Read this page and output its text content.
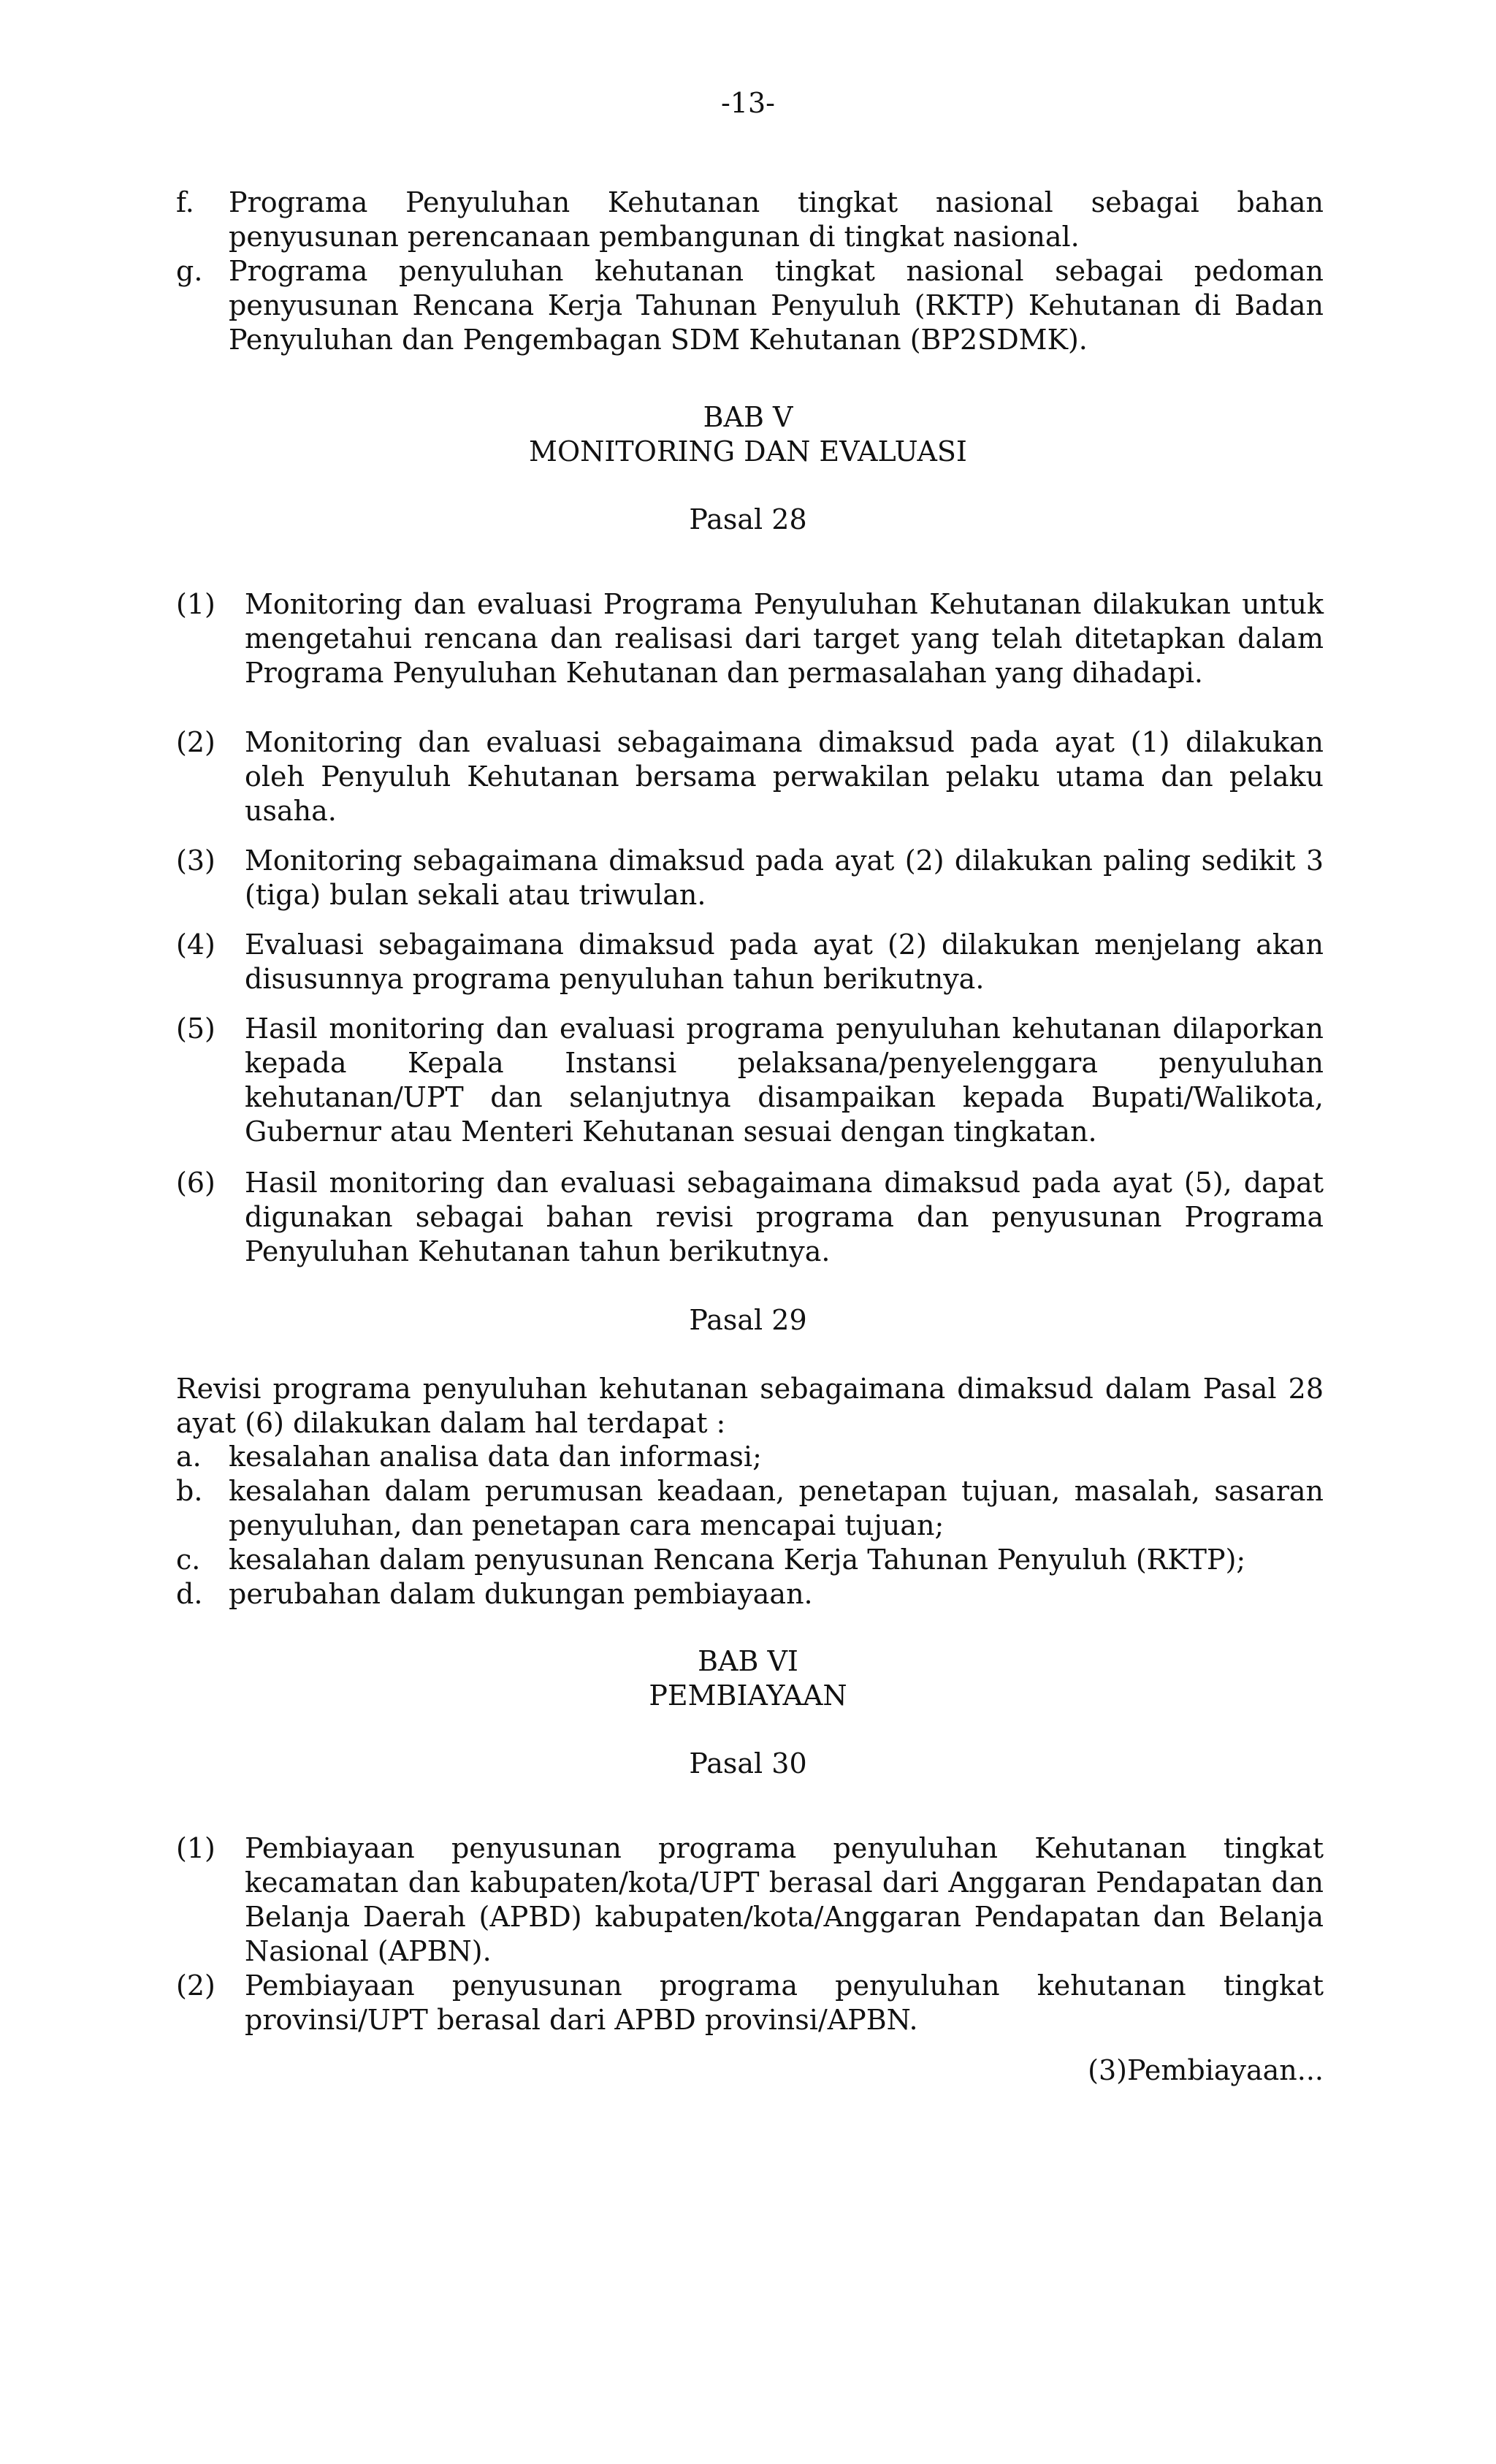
-13-
f.	Programa Penyuluhan Kehutanan tingkat nasional sebagai bahan penyusunan perencanaan pembangunan di tingkat nasional.
g. Programa penyuluhan kehutanan tingkat nasional sebagai pedoman penyusunan Rencana Kerja Tahunan Penyuluh (RKTP) Kehutanan di Badan Penyuluhan dan Pengembagan SDM Kehutanan (BP2SDMK).
BAB V
MONITORING DAN EVALUASI
Pasal 28
(1)	Monitoring dan evaluasi Programa Penyuluhan Kehutanan dilakukan untuk mengetahui rencana dan realisasi dari target yang telah ditetapkan dalam Programa Penyuluhan Kehutanan dan permasalahan yang dihadapi.
(2)	Monitoring dan evaluasi sebagaimana dimaksud pada ayat (1) dilakukan oleh Penyuluh Kehutanan bersama perwakilan pelaku utama dan pelaku usaha.
(3)	Monitoring sebagaimana dimaksud pada ayat (2) dilakukan paling sedikit 3 (tiga) bulan sekali atau triwulan.
(4)	Evaluasi sebagaimana dimaksud pada ayat (2) dilakukan menjelang akan disusunnya programa penyuluhan tahun berikutnya.
(5)	Hasil monitoring dan evaluasi programa penyuluhan kehutanan dilaporkan kepada Kepala Instansi pelaksana/penyelenggara penyuluhan kehutanan/UPT dan selanjutnya disampaikan kepada Bupati/Walikota, Gubernur atau Menteri Kehutanan sesuai dengan tingkatan.
(6)	Hasil monitoring dan evaluasi sebagaimana dimaksud pada ayat (5), dapat digunakan sebagai bahan revisi programa dan penyusunan Programa Penyuluhan Kehutanan tahun berikutnya.
Pasal 29
Revisi programa penyuluhan kehutanan sebagaimana dimaksud dalam Pasal 28 ayat (6) dilakukan dalam hal terdapat :
a. kesalahan analisa data dan informasi;
b. kesalahan dalam perumusan keadaan, penetapan tujuan, masalah, sasaran penyuluhan, dan penetapan cara mencapai tujuan;
c.	kesalahan dalam penyusunan Rencana Kerja Tahunan Penyuluh (RKTP);
d. perubahan dalam dukungan pembiayaan.
BAB VI
PEMBIAYAAN
Pasal 30
(1)	Pembiayaan penyusunan programa penyuluhan Kehutanan tingkat kecamatan dan kabupaten/kota/UPT berasal dari Anggaran Pendapatan dan Belanja Daerah (APBD) kabupaten/kota/Anggaran Pendapatan dan Belanja Nasional (APBN).
(2)	Pembiayaan penyusunan programa penyuluhan kehutanan tingkat provinsi/UPT berasal dari APBD provinsi/APBN.
(3)Pembiayaan...
